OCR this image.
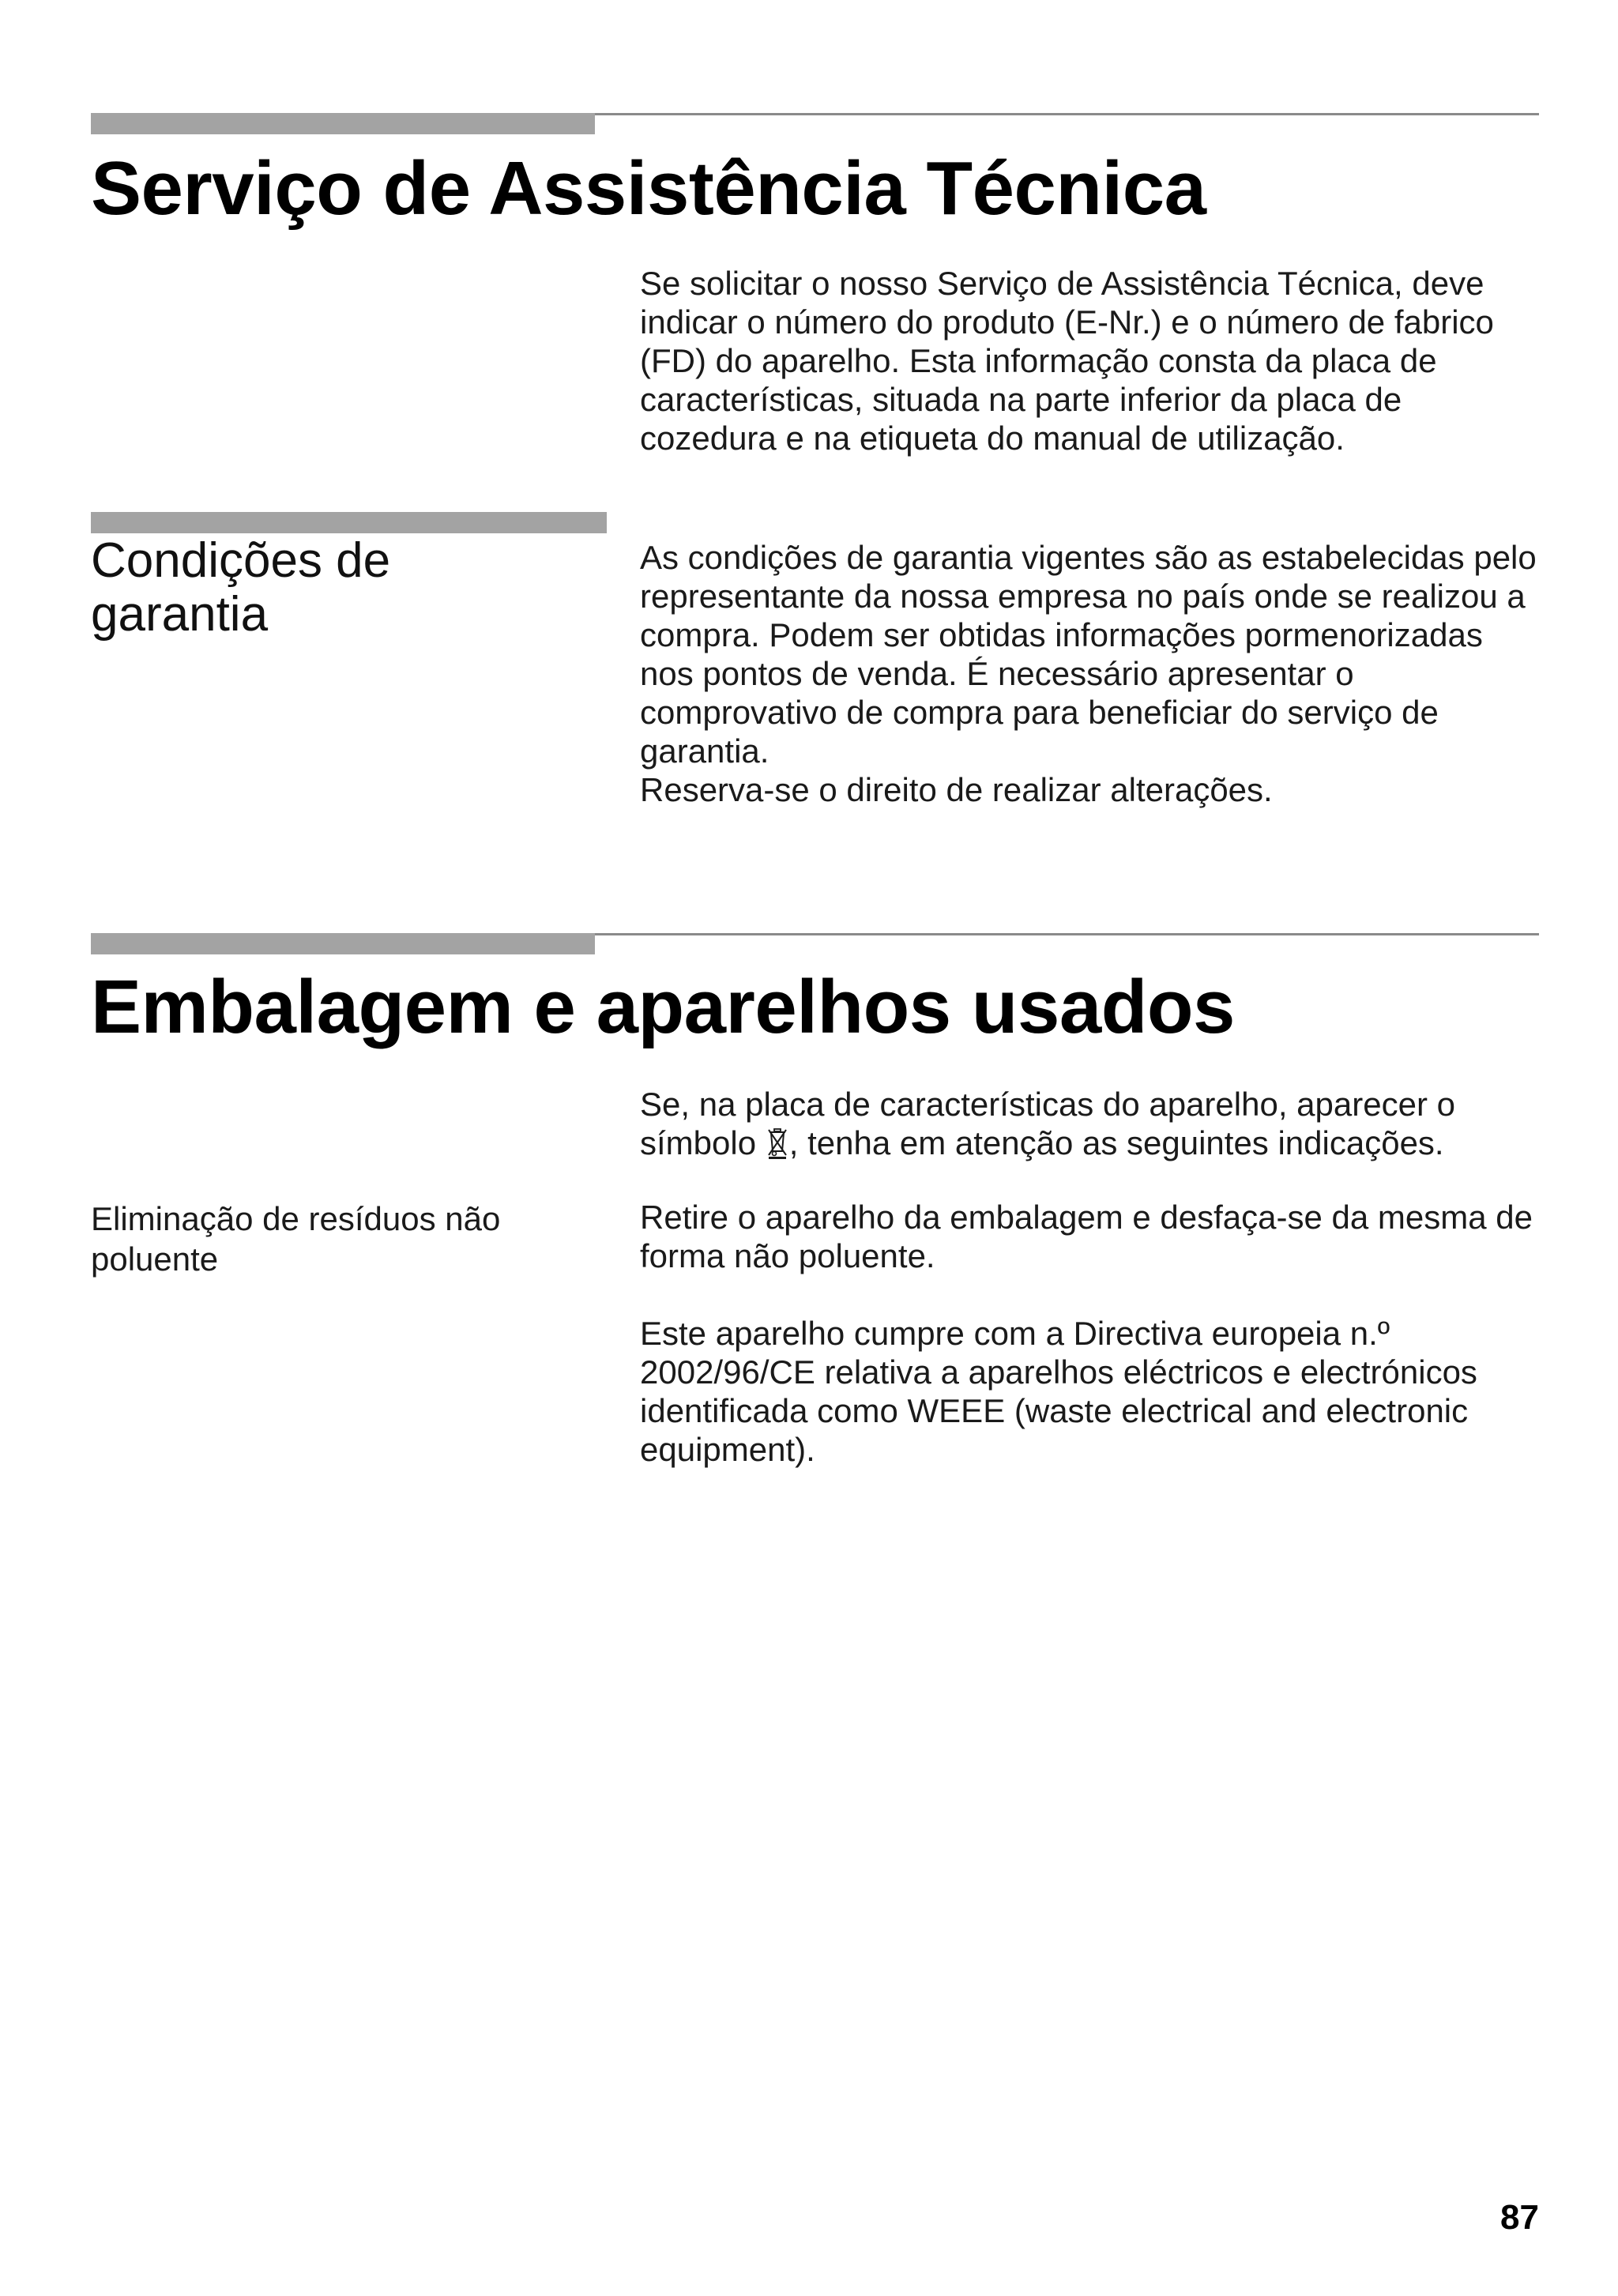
Serviço de Assistência Técnica

Se solicitar o nosso Serviço de Assistência Técnica, deve indicar o número do produto (E-Nr.) e o número de fabrico (FD) do aparelho. Esta informação consta da placa de características, situada na parte inferior da placa de cozedura e na etiqueta do manual de utilização.

Condições de garantia

As condições de garantia vigentes são as estabelecidas pelo representante da nossa empresa no país onde se realizou a compra. Podem ser obtidas informações pormenorizadas nos pontos de venda. É necessário apresentar o comprovativo de compra para beneficiar do serviço de garantia.

Reserva-se o direito de realizar alterações.

Embalagem e aparelhos usados

Se, na placa de características do aparelho, aparecer o símbolo , tenha em atenção as seguintes indicações.

Eliminação de resíduos não poluente

Retire o aparelho da embalagem e desfaça-se da mesma de forma não poluente.

Este aparelho cumpre com a Directiva europeia n.º 2002/96/CE relativa a aparelhos eléctricos e electrónicos identificada como WEEE (waste electrical and electronic equipment).

87
